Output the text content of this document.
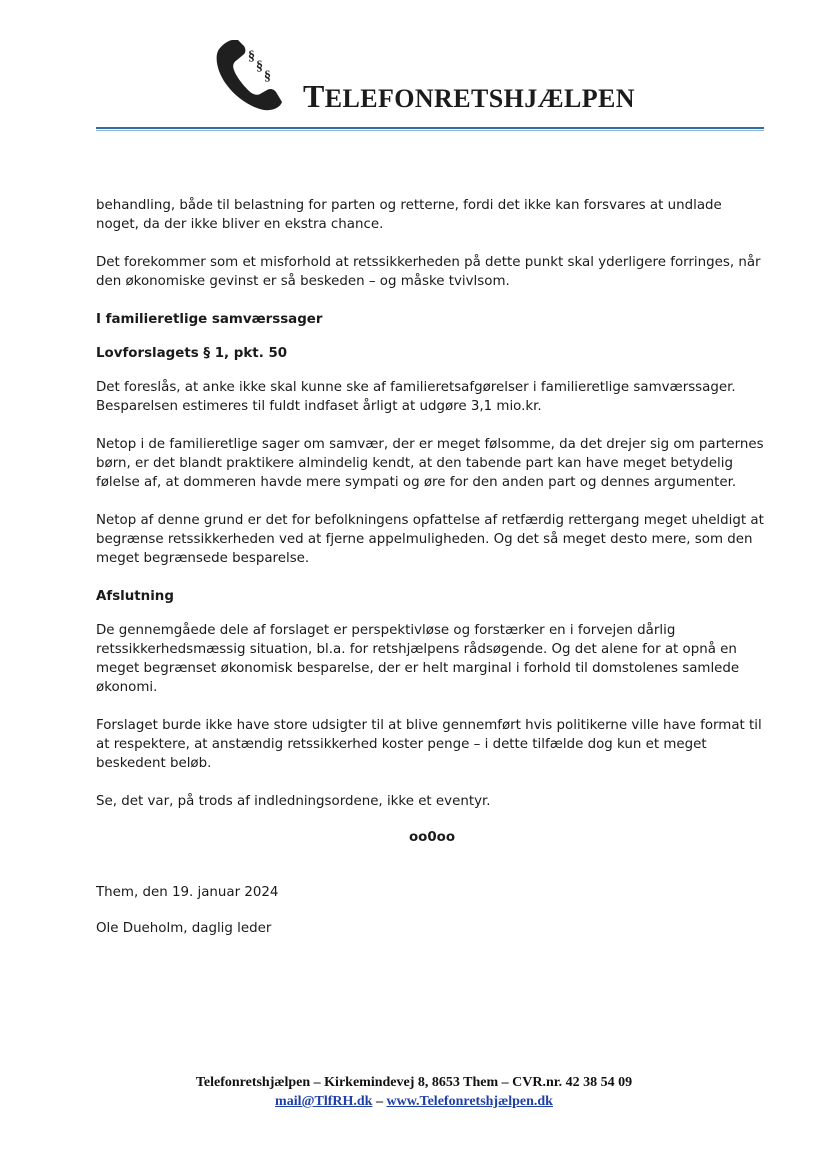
§
§
§
TELEFONRETSHJÆLPEN

behandling, både til belastning for parten og retterne, fordi det ikke kan forsvares at undlade noget, da der ikke bliver en ekstra chance.

Det forekommer som et misforhold at retssikkerheden på dette punkt skal yderligere forringes, når den økonomiske gevinst er så beskeden – og måske tvivlsom.

I familieretlige samværssager

Lovforslagets § 1, pkt. 50

Det foreslås, at anke ikke skal kunne ske af familieretsafgørelser i familieretlige samværssager. Besparelsen estimeres til fuldt indfaset årligt at udgøre 3,1 mio.kr.

Netop i de familieretlige sager om samvær, der er meget følsomme, da det drejer sig om parternes børn, er det blandt praktikere almindelig kendt, at den tabende part kan have meget betydelig følelse af, at dommeren havde mere sympati og øre for den anden part og dennes argumenter.

Netop af denne grund er det for befolkningens opfattelse af retfærdig rettergang meget uheldigt at begrænse retssikkerheden ved at fjerne appelmuligheden. Og det så meget desto mere, som den meget begrænsede besparelse.

Afslutning

De gennemgåede dele af forslaget er perspektivløse og forstærker en i forvejen dårlig retssikkerhedsmæssig situation, bl.a. for retshjælpens rådsøgende. Og det alene for at opnå en meget begrænset økonomisk besparelse, der er helt marginal i forhold til domstolenes samlede økonomi.

Forslaget burde ikke have store udsigter til at blive gennemført hvis politikerne ville have format til at respektere, at anstændig retssikkerhed koster penge – i dette tilfælde dog kun et meget beskedent beløb.

Se, det var, på trods af indledningsordene, ikke et eventyr.

oo0oo

Them, den 19. januar 2024

Ole Dueholm, daglig leder

Telefonretshjælpen – Kirkemindevej 8, 8653 Them – CVR.nr. 42 38 54 09
mail@TlfRH.dk – www.Telefonretshjælpen.dk
